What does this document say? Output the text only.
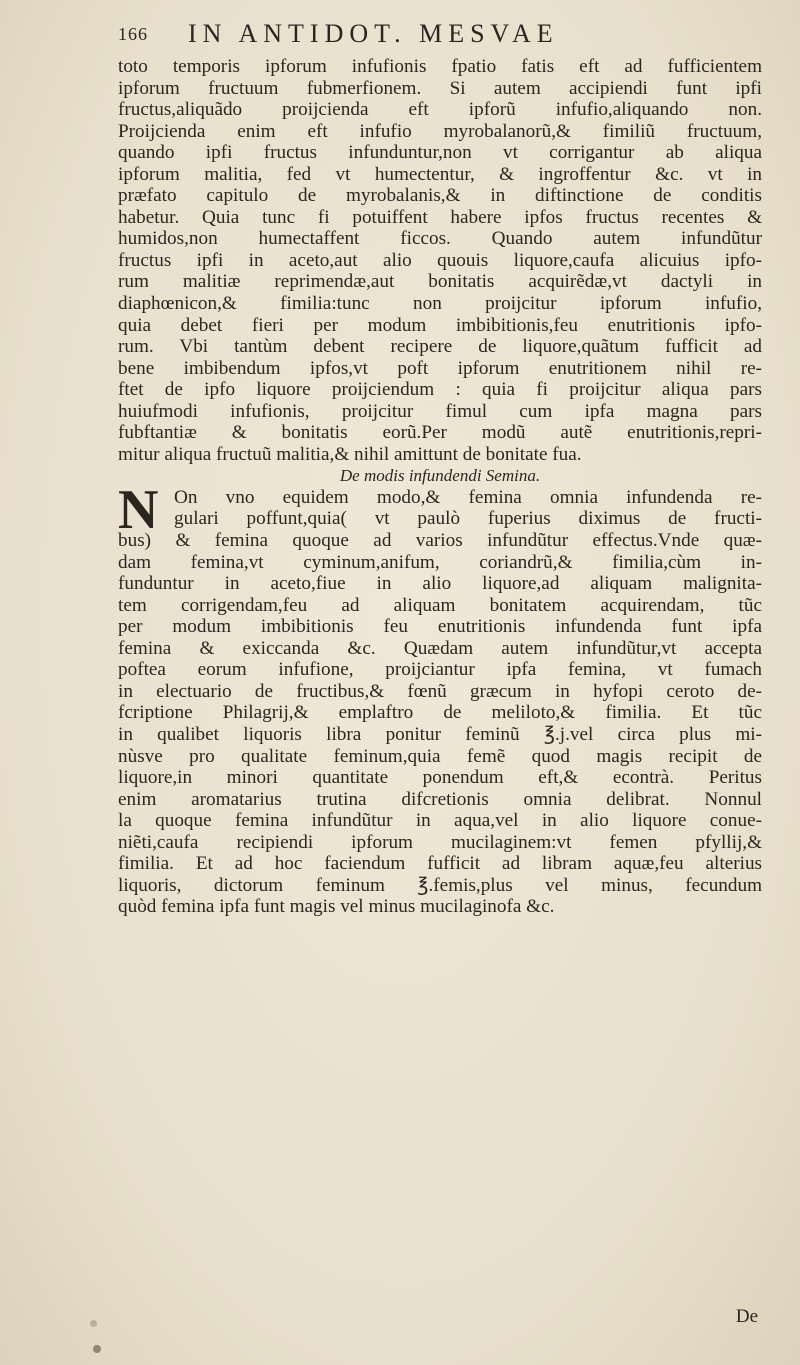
166 IN ANTIDOT. MESVAE
toto temporis ipforum infufionis fpatio fatis eft ad fufficientem
ipforum fructuum fubmerfionem. Si autem accipiendi funt ipfi
fructus,aliquãdo proijcienda eft ipforũ infufio,aliquando non.
Proijcienda enim eft infufio myrobalanorũ,& fimiliũ fructuum,
quando ipfi fructus infunduntur,non vt corrigantur ab aliqua
ipforum malitia, fed vt humectentur, & ingroffentur &c. vt in
præfato capitulo de myrobalanis,& in diftinctione de conditis
habetur. Quia tunc fi potuiffent habere ipfos fructus recentes &
humidos,non humectaffent ficcos. Quando autem infundũtur
fructus ipfi in aceto,aut alio quouis liquore,caufa alicuius ipfo-
rum malitiæ reprimendæ,aut bonitatis acquirẽdæ,vt dactyli in
diaphœnicon,& fimilia:tunc non proijcitur ipforum infufio,
quia debet fieri per modum imbibitionis,feu enutritionis ipfo-
rum. Vbi tantùm debent recipere de liquore,quãtum fufficit ad
bene imbibendum ipfos,vt poft ipforum enutritionem nihil re-
ftet de ipfo liquore proijciendum : quia fi proijcitur aliqua pars
huiufmodi infufionis, proijcitur fimul cum ipfa magna pars
fubftantiæ & bonitatis eorũ.Per modũ autẽ enutritionis,repri-
mitur aliqua fructuũ malitia,& nihil amittunt de bonitate fua.
De modis infundendi Semina.
N On vno equidem modo,& femina omnia infundenda re-
gulari poffunt,quia( vt paulò fuperius diximus de fructi-
bus) & femina quoque ad varios infundũtur effectus.Vnde quæ-
dam femina,vt cyminum,anifum, coriandrũ,& fimilia,cùm in-
funduntur in aceto,fiue in alio liquore,ad aliquam malignita-
tem corrigendam,feu ad aliquam bonitatem acquirendam, tũc
per modum imbibitionis feu enutritionis infundenda funt ipfa
femina & exiccanda &c. Quædam autem infundũtur,vt accepta
poftea eorum infufione, proijciantur ipfa femina, vt fumach
in electuario de fructibus,& fœnũ græcum in hyfopi ceroto de-
fcriptione Philagrij,& emplaftro de meliloto,& fimilia. Et tũc
in qualibet liquoris libra ponitur feminũ ℥.j.vel circa plus mi-
nùsve pro qualitate feminum,quia femẽ quod magis recipit de
liquore,in minori quantitate ponendum eft,& econtrà. Peritus
enim aromatarius trutina difcretionis omnia delibrat. Nonnul
la quoque femina infundũtur in aqua,vel in alio liquore conue-
niẽti,caufa recipiendi ipforum mucilaginem:vt femen pfyllij,&
fimilia. Et ad hoc faciendum fufficit ad libram aquæ,feu alterius
liquoris, dictorum feminum ℥.femis,plus vel minus, fecundum
quòd femina ipfa funt magis vel minus mucilaginofa &c.
De
